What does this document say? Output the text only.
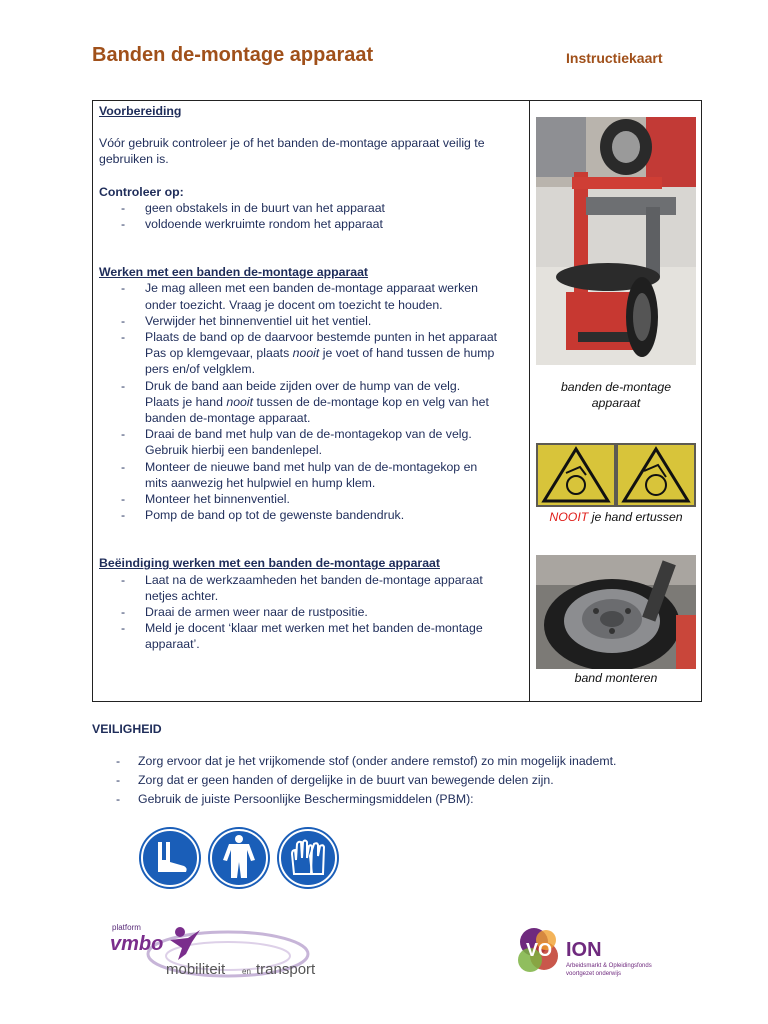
Banden de-montage apparaat	Instructiekaart

Voorbereiding

Vóór gebruik controleer je of het banden de-montage apparaat veilig te

gebruiken is.

Controleer op:

- geen obstakels in de buurt van het apparaat
- voldoende werkruimte rondom het apparaat

Werken met een banden de-montage apparaat

- Je mag alleen met een banden de-montage apparaat werken
onder toezicht. Vraag je docent om toezicht te houden.
- Verwijder het binnenventiel uit het ventiel.
- Plaats de band op de daarvoor bestemde punten in het apparaat
Pas op klemgevaar, plaats nooit je voet of hand tussen de hump
pers en/of velgklem.
- Druk de band aan beide zijden over de hump van de velg.
Plaats je hand nooit tussen de de-montage kop en velg van het
banden de-montage apparaat.
- Draai de band met hulp van de de-montagekop van de velg.
Gebruik hierbij een bandenlepel.
- Monteer de nieuwe band met hulp van de de-montagekop en
mits aanwezig het hulpwiel en hump klem.
- Monteer het binnenventiel.
- Pomp de band op tot de gewenste bandendruk.

Beëindiging werken met een banden de-montage apparaat

- Laat na de werkzaamheden het banden de-montage apparaat
netjes achter.
- Draai de armen weer naar de rustpositie.
- Meld je docent ‘klaar met werken met het banden de-montage
apparaat’.
banden de-montage
apparaat
NOOIT je hand ertussen
band monteren
VEILIGHEID
- Zorg ervoor dat je het vrijkomende stof (onder andere remstof) zo min mogelijk inademt.
- Zorg dat er geen handen of dergelijke in de buurt van bewegende delen zijn.
- Gebruik de juiste Persoonlijke Beschermingsmiddelen (PBM):
platform
vmbo
mobiliteit en transport
VO ION
Arbeidsmarkt & Opleidingsfonds
voortgezet onderwijs
